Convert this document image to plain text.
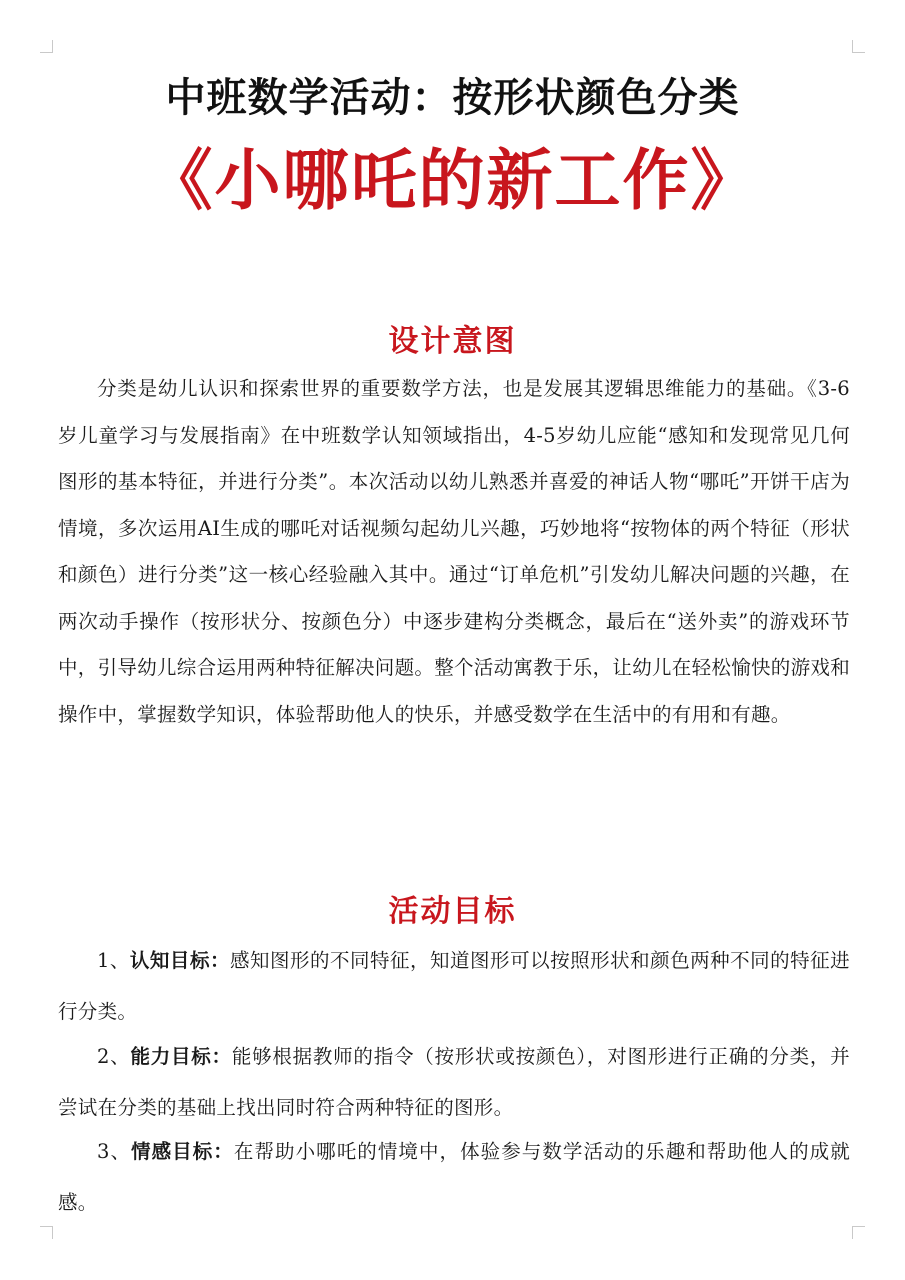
中班数学活动：按形状颜色分类
《小哪吒的新工作》
设计意图

分类是幼儿认识和探索世界的重要数学方法，也是发展其逻辑思维能力的基础。《3-6岁儿童学习与发展指南》在中班数学认知领域指出，4-5岁幼儿应能“感知和发现常见几何图形的基本特征，并进行分类”。本次活动以幼儿熟悉并喜爱的神话人物“哪吒”开饼干店为情境，多次运用AI生成的哪吒对话视频勾起幼儿兴趣，巧妙地将“按物体的两个特征（形状和颜色）进行分类”这一核心经验融入其中。通过“订单危机”引发幼儿解决问题的兴趣，在两次动手操作（按形状分、按颜色分）中逐步建构分类概念，最后在“送外卖”的游戏环节中，引导幼儿综合运用两种特征解决问题。整个活动寓教于乐，让幼儿在轻松愉快的游戏和操作中，掌握数学知识，体验帮助他人的快乐，并感受数学在生活中的有用和有趣。

活动目标

1、认知目标：感知图形的不同特征，知道图形可以按照形状和颜色两种不同的特征进行分类。

2、能力目标：能够根据教师的指令（按形状或按颜色），对图形进行正确的分类，并尝试在分类的基础上找出同时符合两种特征的图形。

3、情感目标：在帮助小哪吒的情境中，体验参与数学活动的乐趣和帮助他人的成就感。
